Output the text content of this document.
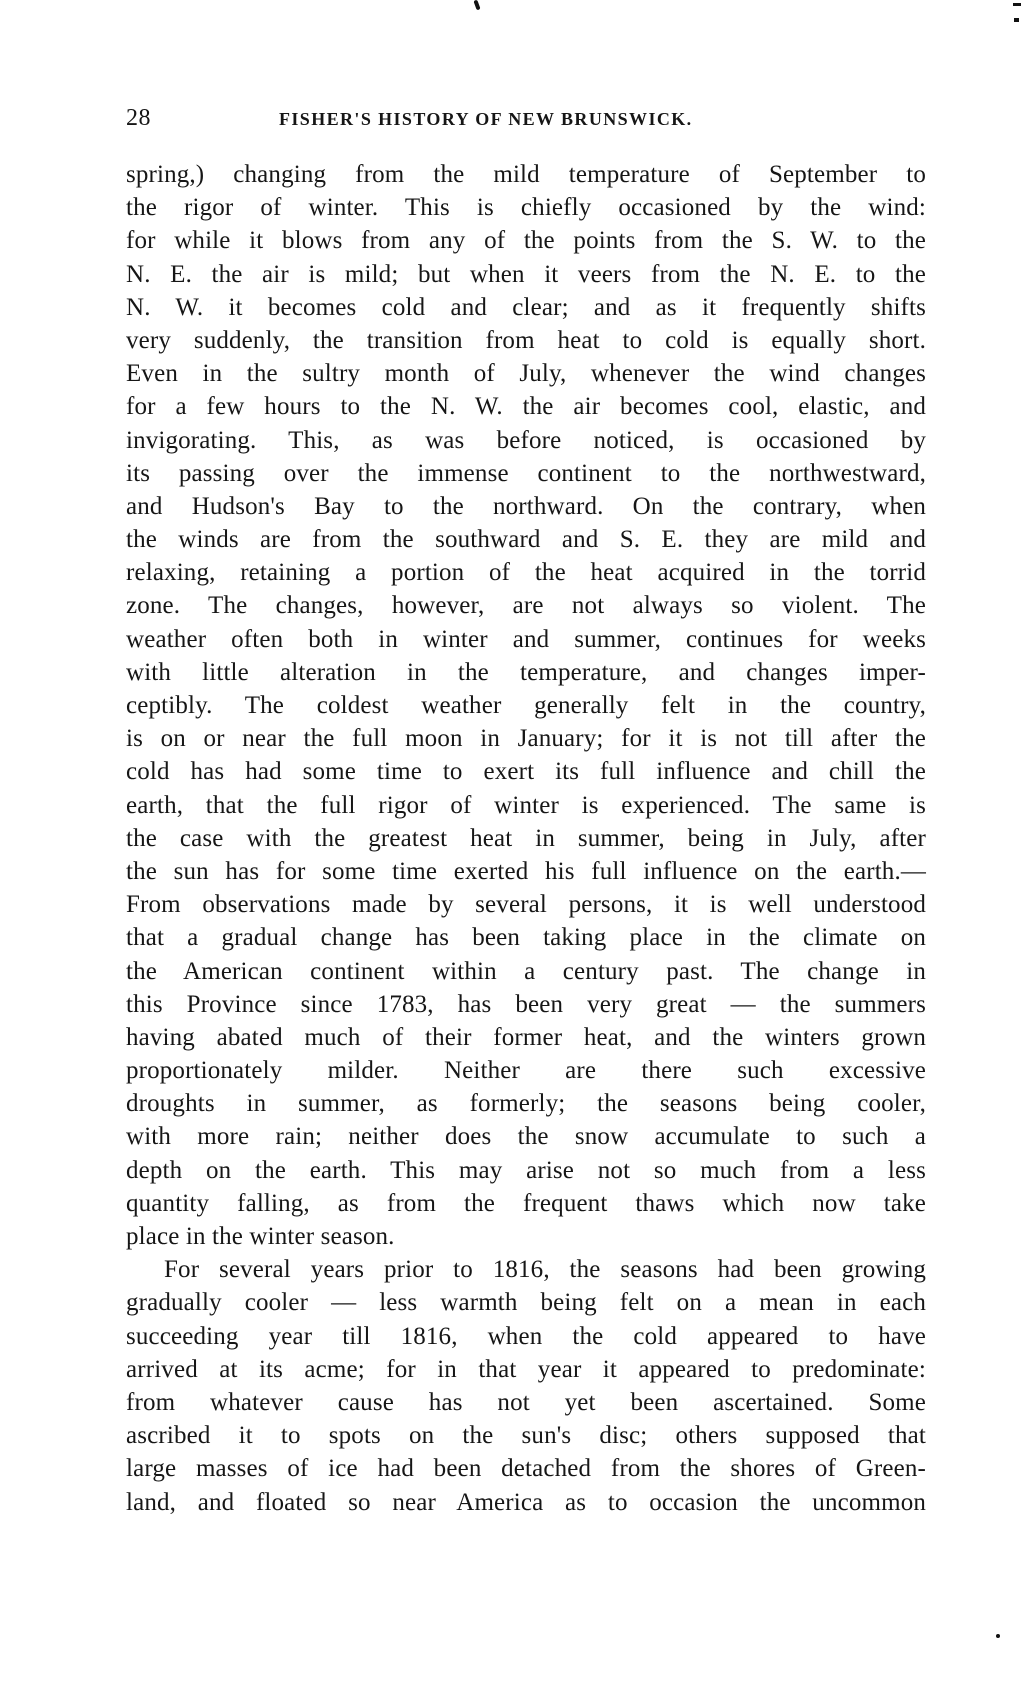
28	FISHER'S HISTORY OF NEW BRUNSWICK.
spring,) changing from the mild temperature of September to
the rigor of winter. This is chiefly occasioned by the wind:
for while it blows from any of the points from the S. W. to the
N. E. the air is mild; but when it veers from the N. E. to the
N. W. it becomes cold and clear; and as it frequently shifts
very suddenly, the transition from heat to cold is equally short.
Even in the sultry month of July, whenever the wind changes
for a few hours to the N. W. the air becomes cool, elastic, and
invigorating. This, as was before noticed, is occasioned by
its passing over the immense continent to the northwestward,
and Hudson's Bay to the northward. On the contrary, when
the winds are from the southward and S. E. they are mild and
relaxing, retaining a portion of the heat acquired in the torrid
zone. The changes, however, are not always so violent. The
weather often both in winter and summer, continues for weeks
with little alteration in the temperature, and changes imper-
ceptibly. The coldest weather generally felt in the country,
is on or near the full moon in January; for it is not till after the
cold has had some time to exert its full influence and chill the
earth, that the full rigor of winter is experienced. The same is
the case with the greatest heat in summer, being in July, after
the sun has for some time exerted his full influence on the earth.—
From observations made by several persons, it is well understood
that a gradual change has been taking place in the climate on
the American continent within a century past. The change in
this Province since 1783, has been very great — the summers
having abated much of their former heat, and the winters grown
proportionately milder. Neither are there such excessive
droughts in summer, as formerly; the seasons being cooler,
with more rain; neither does the snow accumulate to such a
depth on the earth. This may arise not so much from a less
quantity falling, as from the frequent thaws which now take
place in the winter season.
For several years prior to 1816, the seasons had been growing
gradually cooler — less warmth being felt on a mean in each
succeeding year till 1816, when the cold appeared to have
arrived at its acme; for in that year it appeared to predominate:
from whatever cause has not yet been ascertained. Some
ascribed it to spots on the sun's disc; others supposed that
large masses of ice had been detached from the shores of Green-
land, and floated so near America as to occasion the uncommon
